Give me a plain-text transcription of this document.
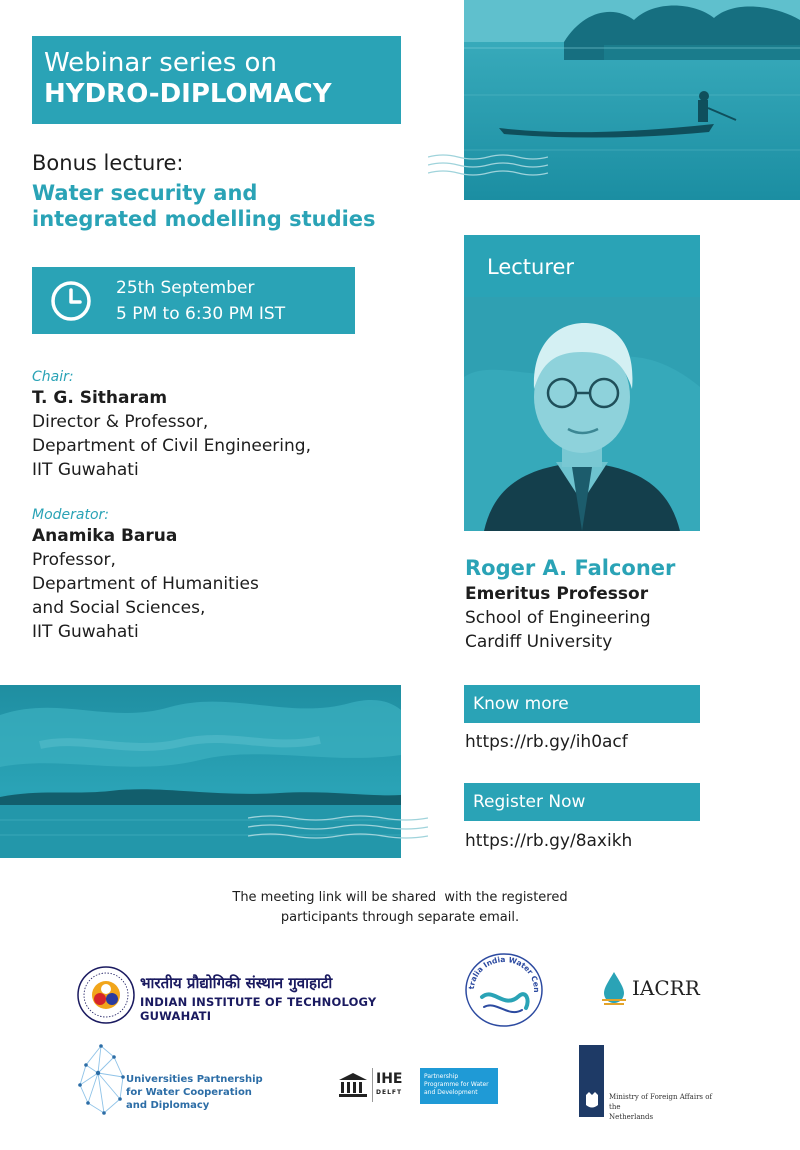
Webinar series on
HYDRO-DIPLOMACY
Bonus lecture:
Water security and
integrated modelling studies
25th September
5 PM to 6:30 PM IST
Chair:
T. G. Sitharam
Director & Professor,
Department of Civil Engineering,
IIT Guwahati
Moderator:
Anamika Barua
Professor,
Department of Humanities
and Social Sciences,
IIT Guwahati
Lecturer
Roger A. Falconer
Emeritus Professor
School of Engineering
Cardiff University
Know more
https://rb.gy/ih0acf
Register Now
https://rb.gy/8axikh
The meeting link will be shared  with the registered
participants through separate email.
भारतीय प्रौद्योगिकी संस्थान गुवाहाटी
INDIAN INSTITUTE OF TECHNOLOGY GUWAHATI
tralia India Water Cen	IACRR
Universities Partnership
for Water Cooperation
and Diplomacy
IHE
DELFT
Partnership
Programme for Water
and Development
Ministry of Foreign Affairs of the
Netherlands
